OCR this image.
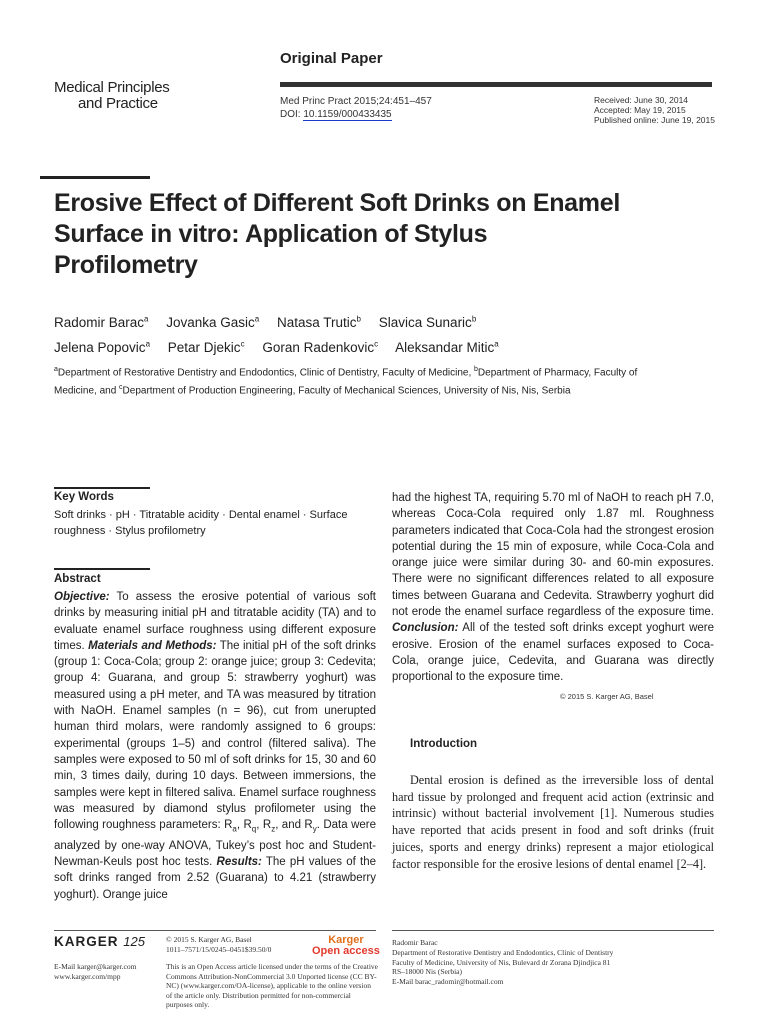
Medical Principles
and Practice
Original Paper
Med Princ Pract 2015;24:451–457
DOI: 10.1159/000433435
Received: June 30, 2014
Accepted: May 19, 2015
Published online: June 19, 2015
Erosive Effect of Different Soft Drinks on Enamel Surface in vitro: Application of Stylus Profilometry
Radomir Barac$^a$ Jovanka Gasic$^a$ Natasa Trutic$^b$ Slavica Sunaric$^b$
Jelena Popovic$^a$ Petar Djekic$^c$ Goran Radenkovic$^c$ Aleksandar Mitic$^a$
$^a$Department of Restorative Dentistry and Endodontics, Clinic of Dentistry, Faculty of Medicine, $^b$Department of Pharmacy, Faculty of Medicine, and $^c$Department of Production Engineering, Faculty of Mechanical Sciences, University of Nis, Nis, Serbia
Key Words
Soft drinks · pH · Titratable acidity · Dental enamel · Surface roughness · Stylus profilometry
Abstract
Objective: To assess the erosive potential of various soft drinks by measuring initial pH and titratable acidity (TA) and to evaluate enamel surface roughness using different exposure times. Materials and Methods: The initial pH of the soft drinks (group 1: Coca-Cola; group 2: orange juice; group 3: Cedevita; group 4: Guarana, and group 5: strawberry yoghurt) was measured using a pH meter, and TA was measured by titration with NaOH. Enamel samples (n = 96), cut from unerupted human third molars, were randomly assigned to 6 groups: experimental (groups 1–5) and control (filtered saliva). The samples were exposed to 50 ml of soft drinks for 15, 30 and 60 min, 3 times daily, during 10 days. Between immersions, the samples were kept in filtered saliva. Enamel surface roughness was measured by diamond stylus profilometer using the following roughness parameters: $R_a$, $R_q$, $R_z$, and $R_y$. Data were analyzed by one-way ANOVA, Tukey’s post hoc and Student-Newman-Keuls post hoc tests. Results: The pH values of the soft drinks ranged from 2.52 (Guarana) to 4.21 (strawberry yoghurt). Orange juice
had the highest TA, requiring 5.70 ml of NaOH to reach pH 7.0, whereas Coca-Cola required only 1.87 ml. Roughness parameters indicated that Coca-Cola had the strongest erosion potential during the 15 min of exposure, while Coca-Cola and orange juice were similar during 30- and 60-min exposures. There were no significant differences related to all exposure times between Guarana and Cedevita. Strawberry yoghurt did not erode the enamel surface regardless of the exposure time. Conclusion: All of the tested soft drinks except yoghurt were erosive. Erosion of the enamel surfaces exposed to Coca-Cola, orange juice, Cedevita, and Guarana was directly proportional to the exposure time.
© 2015 S. Karger AG, Basel
Introduction
Dental erosion is defined as the irreversible loss of dental hard tissue by prolonged and frequent acid action (extrinsic and intrinsic) without bacterial involvement [1]. Numerous studies have reported that acids present in food and soft drinks (fruit juices, sports and energy drinks) represent a major etiological factor responsible for the erosive lesions of dental enamel [2–4].
KARGER 125
E-Mail karger@karger.com
www.karger.com/mpp
© 2015 S. Karger AG, Basel
1011–7571/15/0245–0451$39.50/0
Karger
Open access
This is an Open Access article licensed under the terms of the Creative Commons Attribution-NonCommercial 3.0 Unported license (CC BY-NC) (www.karger.com/OA-license), applicable to the online version of the article only. Distribution permitted for non-commercial purposes only.
Radomir Barac
Department of Restorative Dentistry and Endodontics, Clinic of Dentistry
Faculty of Medicine, University of Nis, Bulevard dr Zorana Djindjica 81
RS–18000 Nis (Serbia)
E-Mail barac_radomir@hotmail.com
